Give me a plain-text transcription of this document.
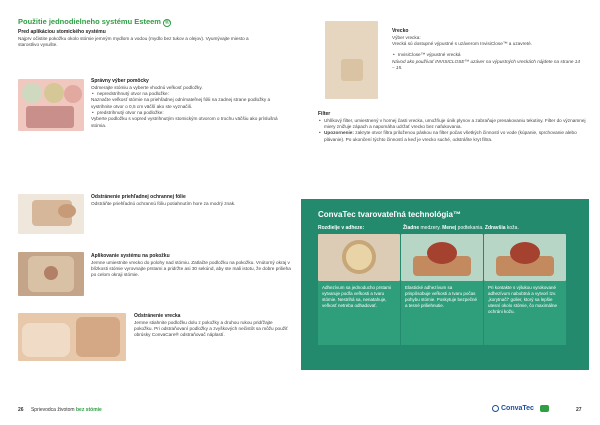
Použitie jednodielneho systému Esteem ®
Pred aplikáciou stomického systému
Najprv očistite pokožku okolo stómie jemným mydlom a vodou (mydlo bez tukov a olejov). Vyumývajte miesto a starostlivo vysušte.
Správny výber pomôcky
Odmerajte stómiu a vyberte vhodnú veľkosť podložky.
• nepredstrihnutý otvor na podložke:
Naznačte veľkosť stómie na priehľadnej odnímateľnej fólii na zadnej strane podložky a vystrihnite otvor o 0,5 cm väčší ako ste vyznačili.
• predstrihnutý otvor na podložke:
Vyberte podložku s vopred vystrihnutým stomickým otvorom o trochu väčšiu ako príslušná stómia.
Odstránenie priehľadnej ochrannej fólie
Odstráňte priehľadnú ochrannú fóliu potiahnutím hore za modrý znak.
Aplikovanie systému na pokožku
Jemne umiestnite vrecko do polohy nad stómiu. Zatlačte podložku na pokožku. Vnútorný okraj v blízkosti stómie vyrovnajte prstami a pridržte asi 30 sekúnd, aby ste mali istotu, že dobre prilieha po celom okraji stómie.
Odstránenie vrecka
Jemne stiahnite podložku dolu z pokožky a druhou rukou pridŕžajte pokožku. Pri odstraňovaní podložky a zvyškových nečistôt sa môžu použiť obrúsky ConvaCare® odstraňovač náplastí.
26 Sprievodca životom bez stómie
Vrecko
Výber vrecka:
Vrecká sú dostupné výpustné s uzáverom InvisiClose™ a uzavreté.
• InvisiClose™ výpustné vrecká
Návod ako používať INVISICLOSE™ uzáver na výpustných vreckách nájdete na strane 14 – 15.
Filter
• Uhlíkový filter, umiestnený v hornej časti vrecka, umožňuje únik plynov a zabraňuje presakovaniu tekutiny. Filter do významnej miery znižuje zápach a napomáha udržať vrecko bez nafukovania.
• Upozornenie: zakryte otvor filtra priloženou páskou na filter počas všetkých činností vo vode (kúpanie, sprchovanie alebo plávanie). Po ukončení týchto činností a keď je vrecko suché, odstráňte kryt filtra.
ConvaTec tvarovateľná technológia™
Rozdielje v adheze:	Žiadne medzery. Menej podtekania. Zdravšia koža.
Adhezívum sa jednoducho prstami vytvaruje podľa veľkosti a tvaru stómie. Nestrihá sa, nenatahuje, veľkosť netreba odhadovať.
Elastické adhezívum sa prispôsobuje veľkosti a tvaru počas pohybu stómie. Poskytuje bezpečné a tesné priliehnutie.
Pri kontakte s výlukou vyrokované adhezívum nabobtná a vytvorí tzv. „korytnačí“ golier, ktorý sa lepšie utesní okolo stómie, čo maximálne ochráni kožu.
ConvaTec	27
